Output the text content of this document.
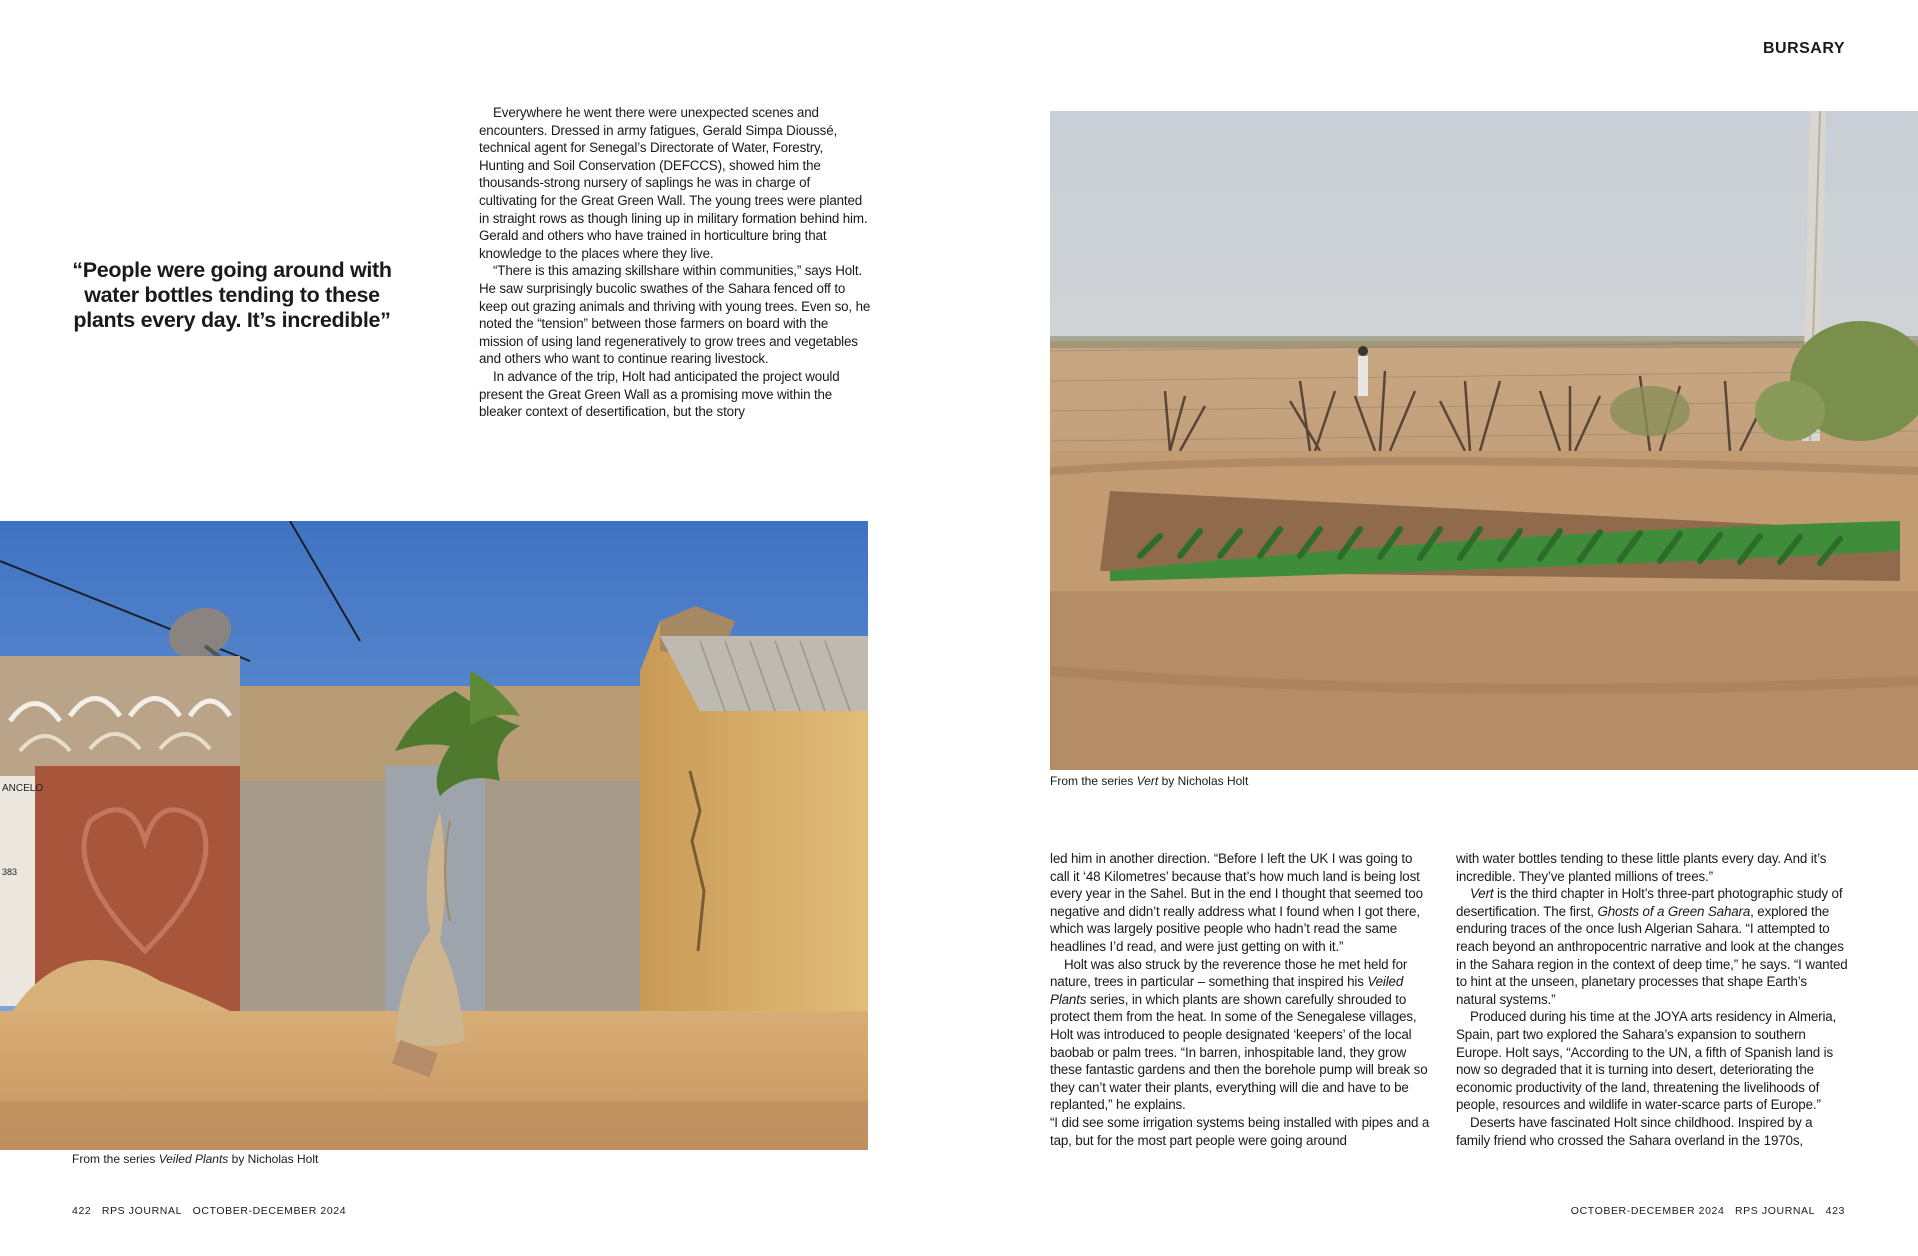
BURSARY
“People were going around with water bottles tending to these plants every day. It’s incredible”

Everywhere he went there were unexpected scenes and encounters. Dressed in army fatigues, Gerald Simpa Dioussé, technical agent for Senegal’s Directorate of Water, Forestry, Hunting and Soil Conservation (DEFCCS), showed him the thousands-strong nursery of saplings he was in charge of cultivating for the Great Green Wall. The young trees were planted in straight rows as though lining up in military formation behind him. Gerald and others who have trained in horticulture bring that knowledge to the places where they live.

“There is this amazing skillshare within communities,” says Holt. He saw surprisingly bucolic swathes of the Sahara fenced off to keep out grazing animals and thriving with young trees. Even so, he noted the “tension” between those farmers on board with the mission of using land regeneratively to grow trees and vegetables and others who want to continue rearing livestock.

In advance of the trip, Holt had anticipated the project would present the Great Green Wall as a promising move within the bleaker context of desertification, but the story

ANCELO
383
From the series Veiled Plants by Nicholas Holt
From the series Vert by Nicholas Holt

led him in another direction. “Before I left the UK I was going to call it ‘48 Kilometres’ because that’s how much land is being lost every year in the Sahel. But in the end I thought that seemed too negative and didn’t really address what I found when I got there, which was largely positive people who hadn’t read the same headlines I’d read, and were just getting on with it.”

Holt was also struck by the reverence those he met held for nature, trees in particular – something that inspired his Veiled Plants series, in which plants are shown carefully shrouded to protect them from the heat. In some of the Senegalese villages, Holt was introduced to people designated ‘keepers’ of the local baobab or palm trees. “In barren, inhospitable land, they grow these fantastic gardens and then the borehole pump will break so they can’t water their plants, everything will die and have to be replanted,” he explains.

“I did see some irrigation systems being installed with pipes and a tap, but for the most part people were going around

with water bottles tending to these little plants every day. And it’s incredible. They’ve planted millions of trees.”

Vert is the third chapter in Holt’s three-part photographic study of desertification. The first, Ghosts of a Green Sahara, explored the enduring traces of the once lush Algerian Sahara. “I attempted to reach beyond an anthropocentric narrative and look at the changes in the Sahara region in the context of deep time,” he says. “I wanted to hint at the unseen, planetary processes that shape Earth’s natural systems.”

Produced during his time at the JOYA arts residency in Almeria, Spain, part two explored the Sahara’s expansion to southern Europe. Holt says, “According to the UN, a fifth of Spanish land is now so degraded that it is turning into desert, deteriorating the economic productivity of the land, threatening the livelihoods of people, resources and wildlife in water-scarce parts of Europe.”

Deserts have fascinated Holt since childhood. Inspired by a family friend who crossed the Sahara overland in the 1970s,

422 RPS JOURNAL OCTOBER-DECEMBER 2024	OCTOBER-DECEMBER 2024 RPS JOURNAL 423
